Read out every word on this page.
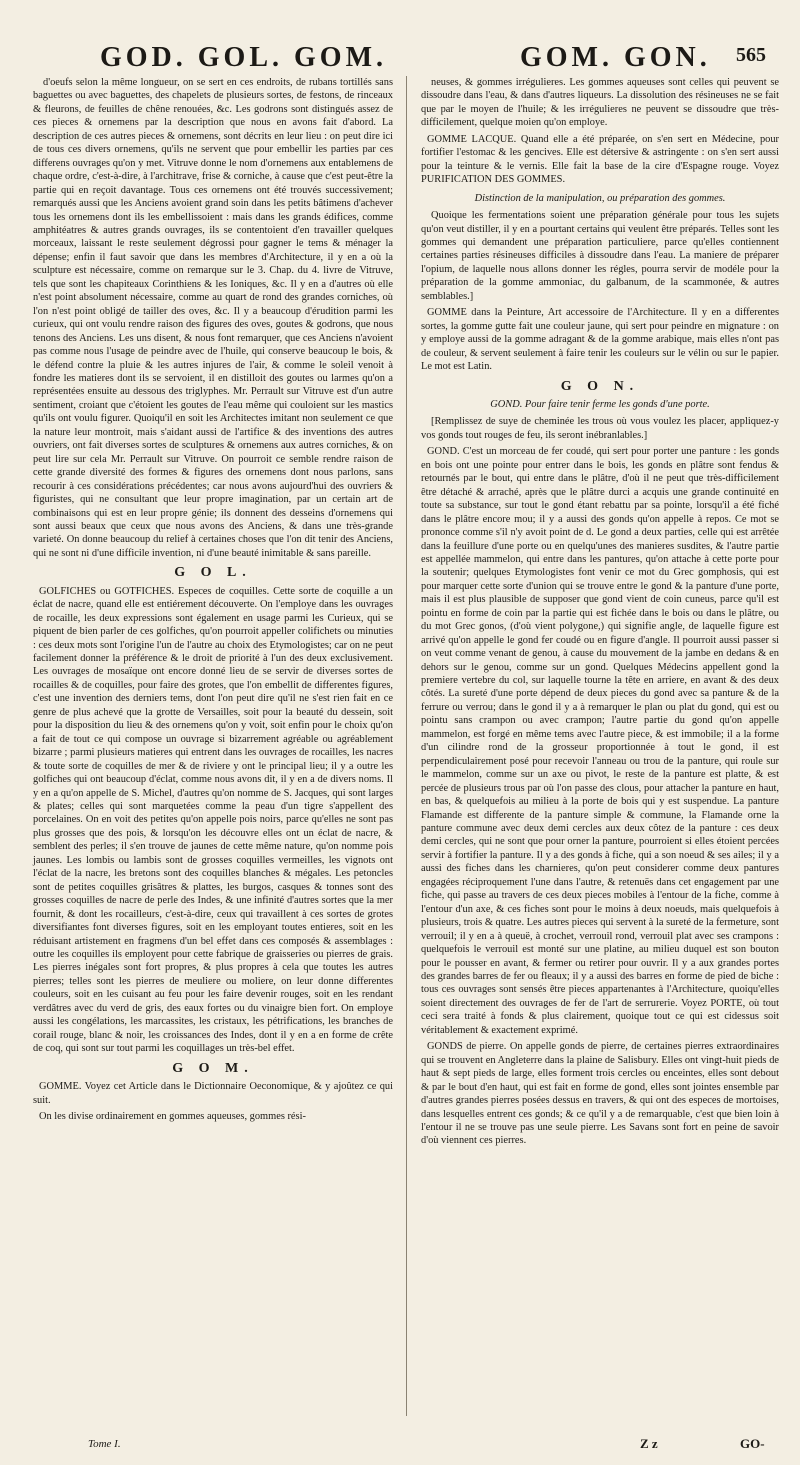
GOD. GOL. GOM.	GOM. GON. 565

d'oeufs selon la même longueur, on se sert en ces endroits, de rubans tortillés sans baguettes ou avec baguettes, des chapelets de plusieurs sortes, de festons, de rinceaux & fleurons, de feuilles de chêne renouées, &c. Les godrons sont distingués assez de ces pieces & ornemens par la description que nous en avons fait d'abord. La description de ces autres pieces & ornemens, sont décrits en leur lieu : on peut dire ici de tous ces divers ornemens, qu'ils ne servent que pour embellir les parties par ces differens ouvrages qu'on y met. Vitruve donne le nom d'ornemens aux entablemens de chaque ordre, c'est-à-dire, à l'architrave, frise & corniche, à cause que c'est peut-être la partie qui en reçoit davantage. Tous ces ornemens ont été trouvés successivement; remarqués aussi que les Anciens avoient grand soin dans les petits bâtimens d'achever tous les ornemens dont ils les embellissoient : mais dans les grands édifices, comme amphitéatres & autres grands ouvrages, ils se contentoient d'en travailler quelques morceaux, laissant le reste seulement dégrossi pour gagner le tems & ménager la dépense; enfin il faut savoir que dans les membres d'Architecture, il y en a où la sculpture est nécessaire, comme on remarque sur le 3. Chap. du 4. livre de Vitruve, tels que sont les chapiteaux Corinthiens & les Ioniques, &c. Il y en a d'autres où elle n'est point absolument nécessaire, comme au quart de rond des grandes corniches, où l'on n'est point obligé de tailler des oves, &c. Il y a beaucoup d'érudition parmi les curieux, qui ont voulu rendre raison des figures des oves, goutes & godrons, que nous tenons des Anciens. Les uns disent, & nous font remarquer, que ces Anciens n'avoient pas comme nous l'usage de peindre avec de l'huile, qui conserve beaucoup le bois, & le défend contre la pluie & les autres injures de l'air, & comme le soleil venoit à fondre les matieres dont ils se servoient, il en distilloit des goutes ou larmes qu'on a représentées ensuite au dessous des triglyphes. Mr. Perrault sur Vitruve est d'un autre sentiment, croiant que c'étoient les goutes de l'eau même qui couloient sur les mastics qu'ils ont voulu figurer. Quoiqu'il en soit les Architectes imitant non seulement ce que la nature leur montroit, mais s'aidant aussi de l'artifice & des inventions des autres ouvriers, ont fait diverses sortes de sculptures & ornemens aux autres corniches, & on peut lire sur cela Mr. Perrault sur Vitruve. On pourroit ce semble rendre raison de cette grande diversité des formes & figures des ornemens dont nous parlons, sans recourir à ces considérations précédentes; car nous avons aujourd'hui des ouvriers & figuristes, qui ne consultant que leur propre imagination, par un certain art de combinaisons qui est en leur propre génie; ils donnent des desseins d'ornemens qui sont aussi beaux que ceux que nous avons des Anciens, & dans une très-grande varieté. On donne beaucoup du relief à certaines choses que l'on dit tenir des Anciens, qui ne sont ni d'une difficile invention, ni d'une beauté inimitable & sans pareille.

G O L.

GOLFICHES ou GOTFICHES. Especes de coquilles. Cette sorte de coquille a un éclat de nacre, quand elle est entiérement découverte. On l'employe dans les ouvrages de rocaille, les deux expressions sont également en usage parmi les Curieux, qui se piquent de bien parler de ces golfiches, qu'on pourroit appeller colifichets ou minuties : ces deux mots sont l'origine l'un de l'autre au choix des Etymologistes; car on ne peut facilement donner la préférence & le droit de priorité à l'un des deux exclusivement. Les ouvrages de mosaïque ont encore donné lieu de se servir de diverses sortes de rocailles & de coquilles, pour faire des grotes, que l'on embellit de differentes figures, c'est une invention des derniers tems, dont l'on peut dire qu'il ne s'est rien fait en ce genre de plus achevé que la grotte de Versailles, soit pour la beauté du dessein, soit pour la disposition du lieu & des ornemens qu'on y voit, soit enfin pour le choix qu'on a fait de tout ce qui compose un ouvrage si bizarrement agréable ou agréablement bizarre ; parmi plusieurs matieres qui entrent dans les ouvrages de rocailles, les nacres & toute sorte de coquilles de mer & de riviere y ont le principal lieu; il y a outre les golfiches qui ont beaucoup d'éclat, comme nous avons dit, il y en a de divers noms. Il y en a qu'on appelle de S. Michel, d'autres qu'on nomme de S. Jacques, qui sont larges & plates; celles qui sont marquetées comme la peau d'un tigre s'appellent des porcelaines. On en voit des petites qu'on appelle pois noirs, parce qu'elles ne sont pas plus grosses que des pois, & lorsqu'on les découvre elles ont un éclat de nacre, & semblent des perles; il s'en trouve de jaunes de cette même nature, qu'on nomme pois jaunes. Les lombis ou lambis sont de grosses coquilles vermeilles, les vignots ont l'éclat de la nacre, les bretons sont des coquilles blanches & mégales. Les petoncles sont de petites coquilles grisâtres & plattes, les burgos, casques & tonnes sont des grosses coquilles de nacre de perle des Indes, & une infinité d'autres sortes que la mer fournit, & dont les rocailleurs, c'est-à-dire, ceux qui travaillent à ces sortes de grotes diversifiantes font diverses figures, soit en les employant toutes entieres, soit en les réduisant artistement en fragmens d'un bel effet dans ces composés & assemblages : outre les coquilles ils employent pour cette fabrique de graisseries ou pierres de grais. Les pierres inégales sont fort propres, & plus propres à cela que toutes les autres pierres; telles sont les pierres de meuliere ou moliere, on leur donne differentes couleurs, soit en les cuisant au feu pour les faire devenir rouges, soit en les rendant verdâtres avec du verd de gris, des eaux fortes ou du vinaigre bien fort. On employe aussi les congélations, les marcassites, les cristaux, les pétrifications, les branches de corail rouge, blanc & noir, les croissances des Indes, dont il y en a en forme de crête de coq, qui sont sur tout parmi les coquillages un très-bel effet.

G O M.

GOMME. Voyez cet Article dans le Dictionnaire Oeconomique, & y ajoûtez ce qui suit.

On les divise ordinairement en gommes aqueuses, gommes rési-

neuses, & gommes irrégulieres. Les gommes aqueuses sont celles qui peuvent se dissoudre dans l'eau, & dans d'autres liqueurs. La dissolution des résineuses ne se fait que par le moyen de l'huile; & les irrégulieres ne peuvent se dissoudre que très-difficilement, quelque moien qu'on employe.

GOMME LACQUE. Quand elle a été préparée, on s'en sert en Médecine, pour fortifier l'estomac & les gencives. Elle est détersive & astringente : on s'en sert aussi pour la teinture & le vernis. Elle fait la base de la cire d'Espagne rouge. Voyez PURIFICATION DES GOMMES.

Distinction de la manipulation, ou préparation des gommes.

Quoique les fermentations soient une préparation générale pour tous les sujets qu'on veut distiller, il y en a pourtant certains qui veulent être préparés. Telles sont les gommes qui demandent une préparation particuliere, parce qu'elles contiennent certaines parties résineuses difficiles à dissoudre dans l'eau. La maniere de préparer l'opium, de laquelle nous allons donner les régles, pourra servir de modéle pour la préparation de la gomme ammoniac, du galbanum, de la scammonée, & autres semblables.]

GOMME dans la Peinture, Art accessoire de l'Architecture. Il y en a differentes sortes, la gomme gutte fait une couleur jaune, qui sert pour peindre en mignature : on y employe aussi de la gomme adragant & de la gomme arabique, mais elles n'ont pas de couleur, & servent seulement à faire tenir les couleurs sur le vélin ou sur le papier. Le mot est Latin.

G O N.
GOND. Pour faire tenir ferme les gonds d'une porte.

[Remplissez de suye de cheminée les trous où vous voulez les placer, appliquez-y vos gonds tout rouges de feu, ils seront inébranlables.]

GOND. C'est un morceau de fer coudé, qui sert pour porter une panture : les gonds en bois ont une pointe pour entrer dans le bois, les gonds en plâtre sont fendus & retournés par le bout, qui entre dans le plâtre, d'où il ne peut que très-difficilement être détaché & arraché, après que le plâtre durci a acquis une grande continuité en toute sa substance, sur tout le gond étant rebattu par sa pointe, lorsqu'il a été fiché dans le plâtre encore mou; il y a aussi des gonds qu'on appelle à repos. Ce mot se prononce comme s'il n'y avoit point de d. Le gond a deux parties, celle qui est arrêtée dans la feuillure d'une porte ou en quelqu'unes des manieres susdites, & l'autre partie est appellée mammelon, qui entre dans les pantures, qu'on attache à cette porte pour la soutenir; quelques Etymologistes font venir ce mot du Grec gomphosis, qui est pour marquer cette sorte d'union qui se trouve entre le gond & la panture d'une porte, mais il est plus plausible de supposer que gond vient de coin cuneus, parce qu'il est pointu en forme de coin par la partie qui est fichée dans le bois ou dans le plâtre, ou du mot Grec gonos, (d'où vient polygone,) qui signifie angle, de laquelle figure est arrivé qu'on appelle le gond fer coudé ou en figure d'angle. Il pourroit aussi passer si on veut comme venant de genou, à cause du mouvement de la jambe en dedans & en dehors sur le genou, comme sur un gond. Quelques Médecins appellent gond la premiere vertebre du col, sur laquelle tourne la tête en arriere, en avant & des deux côtés. La sureté d'une porte dépend de deux pieces du gond avec sa panture & de la ferrure ou verrou; dans le gond il y a à remarquer le plan ou plat du gond, qui est ou pointu sans crampon ou avec crampon; l'autre partie du gond qu'on appelle mammelon, est forgé en même tems avec l'autre piece, & est immobile; il a la forme d'un cilindre rond de la grosseur proportionnée à tout le gond, il est perpendiculairement posé pour recevoir l'anneau ou trou de la panture, qui roule sur le mammelon, comme sur un axe ou pivot, le reste de la panture est platte, & est percée de plusieurs trous par où l'on passe des clous, pour attacher la panture en haut, en bas, & quelquefois au milieu à la porte de bois qui y est suspendue. La panture Flamande est differente de la panture simple & commune, la Flamande orne la panture commune avec deux demi cercles aux deux côtez de la panture : ces deux demi cercles, qui ne sont que pour orner la panture, pourroient si elles étoient percées servir à fortifier la panture. Il y a des gonds à fiche, qui a son noeud & ses ailes; il y a aussi des fiches dans les charnieres, qu'on peut considerer comme deux pantures engagées réciproquement l'une dans l'autre, & retenuës dans cet engagement par une fiche, qui passe au travers de ces deux pieces mobiles à l'entour de la fiche, comme à l'entour d'un axe, & ces fiches sont pour le moins à deux noeuds, mais quelquefois à plusieurs, trois & quatre. Les autres pieces qui servent à la sureté de la fermeture, sont verrouil; il y en a à queuë, à crochet, verrouil rond, verrouil plat avec ses crampons : quelquefois le verrouil est monté sur une platine, au milieu duquel est son bouton pour le pousser en avant, & fermer ou retirer pour ouvrir. Il y a aux grandes portes des grandes barres de fer ou fleaux; il y a aussi des barres en forme de pied de biche : tous ces ouvrages sont sensés être pieces appartenantes à l'Architecture, quoiqu'elles soient directement des ouvrages de fer de l'art de serrurerie. Voyez PORTE, où tout ceci sera traité à fonds & plus clairement, quoique tout ce qui est cidessus soit véritablement & exactement exprimé.

GONDS de pierre. On appelle gonds de pierre, de certaines pierres extraordinaires qui se trouvent en Angleterre dans la plaine de Salisbury. Elles ont vingt-huit pieds de haut & sept pieds de large, elles forment trois cercles ou enceintes, elles sont debout & par le bout d'en haut, qui est fait en forme de gond, elles sont jointes ensemble par d'autres grandes pierres posées dessus en travers, & qui ont des especes de mortoises, dans lesquelles entrent ces gonds; & ce qu'il y a de remarquable, c'est que bien loin à l'entour il ne se trouve pas une seule pierre. Les Savans sont fort en peine de savoir d'où viennent ces pierres.

Tome I.	Z z	GO-
